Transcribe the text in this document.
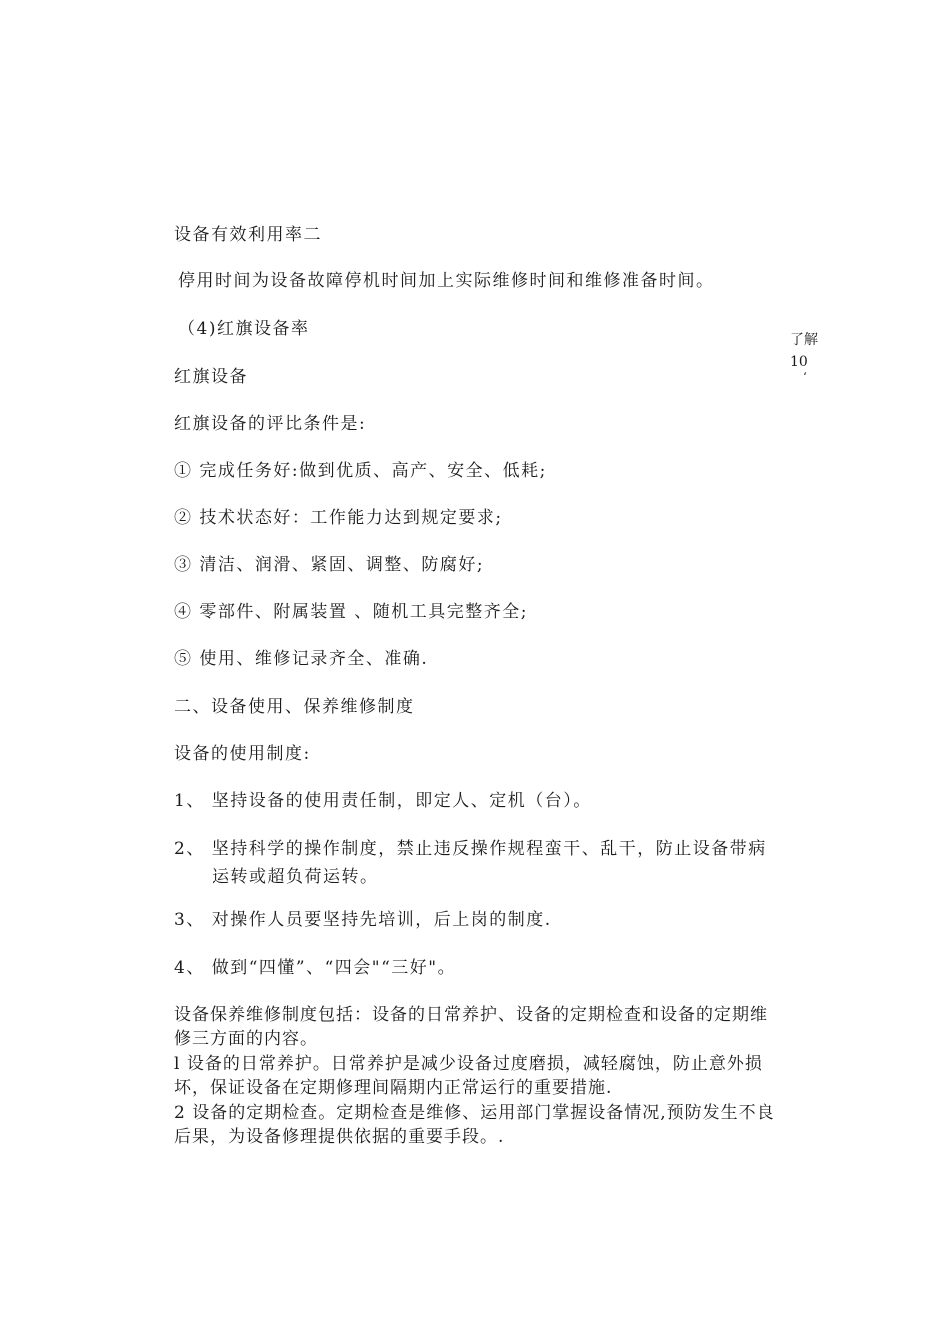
设备有效利用率二
停用时间为设备故障停机时间加上实际维修时间和维修准备时间。
（4)红旗设备率
了解
10
‘
红旗设备
红旗设备的评比条件是:
① 完成任务好:做到优质、高产、安全、低耗;
② 技术状态好：工作能力达到规定要求;
③ 清洁、润滑、紧固、调整、防腐好;
④ 零部件、附属装置 、随机工具完整齐全;
⑤ 使用、维修记录齐全、准确.
二、设备使用、保养维修制度
设备的使用制度:
1、 坚持设备的使用责任制，即定人、定机（台）。
2、 坚持科学的操作制度，禁止违反操作规程蛮干、乱干，防止设备带病
运转或超负荷运转。
3、 对操作人员要坚持先培训，后上岗的制度.
4、 做到“四懂”、“四会"“三好"。
设备保养维修制度包括：设备的日常养护、设备的定期检查和设备的定期维修三方面的内容。
l 设备的日常养护。日常养护是减少设备过度磨损，减轻腐蚀，防止意外损坏，保证设备在定期修理间隔期内正常运行的重要措施.
2 设备的定期检查。定期检查是维修、运用部门掌握设备情况,预防发生不良后果，为设备修理提供依据的重要手段。.
